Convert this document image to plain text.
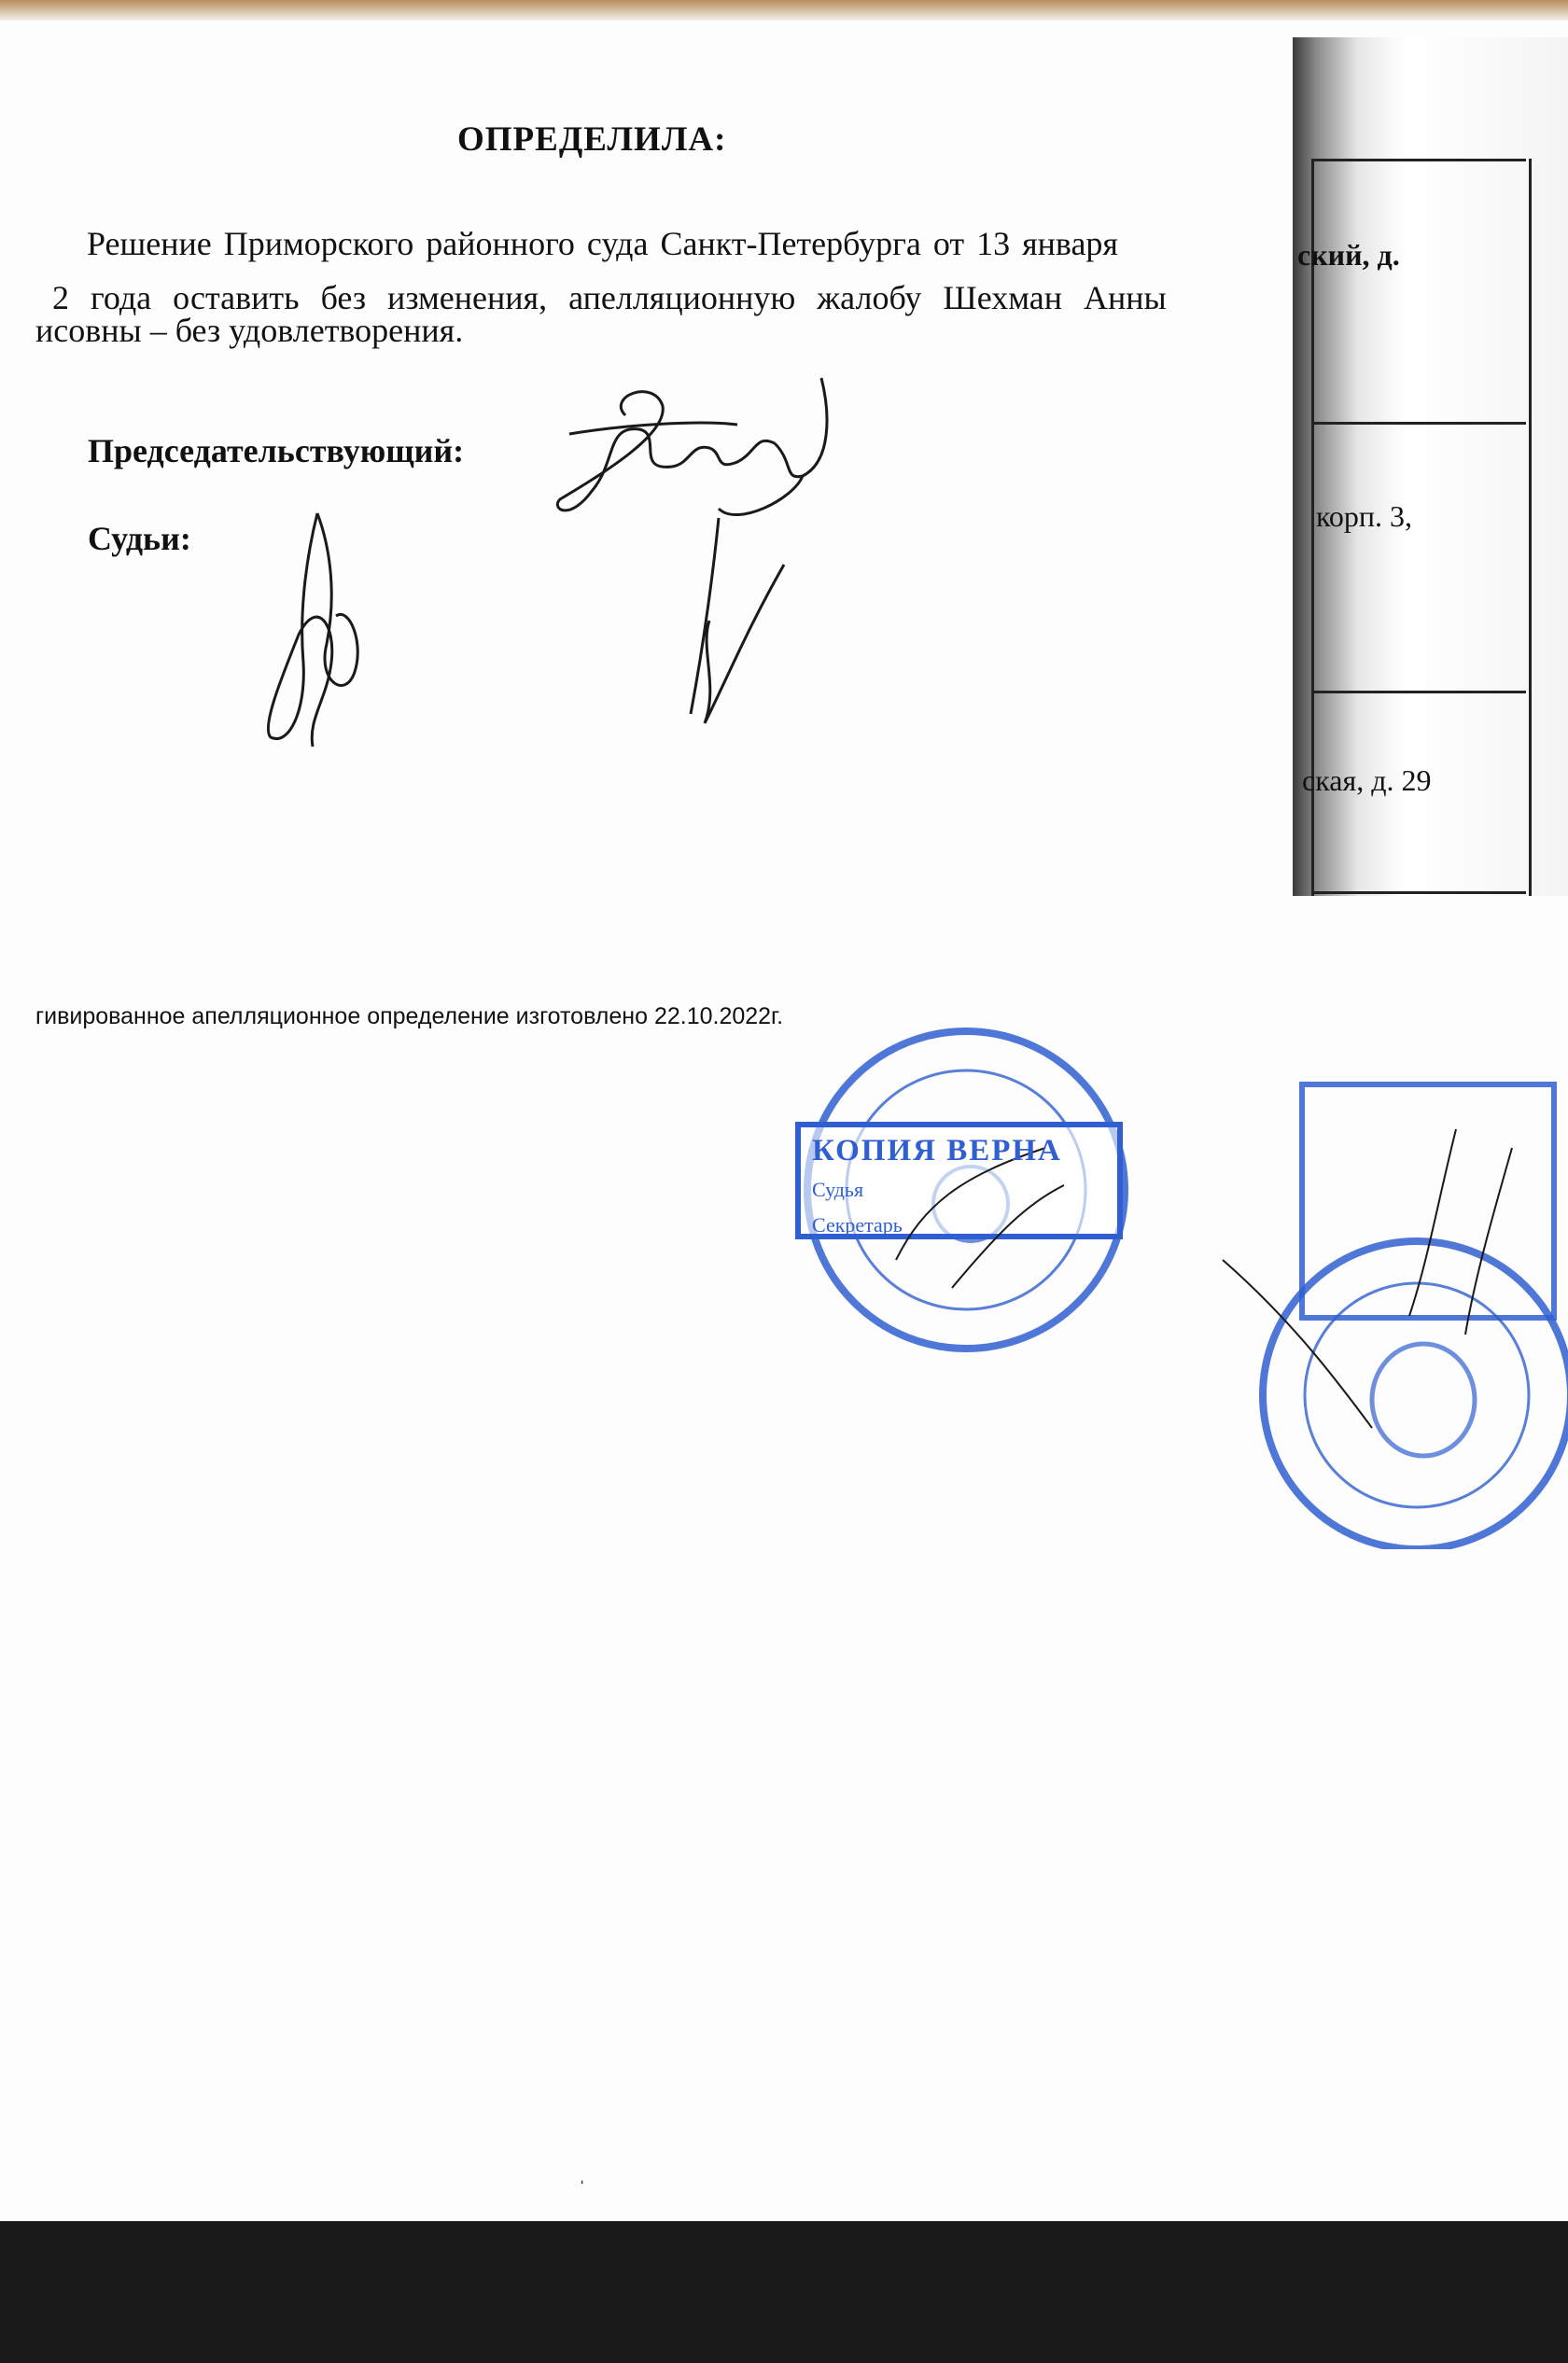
ский, д.
корп. 3,
ская, д. 29
ОПРЕДЕЛИЛА:
Решение Приморского районного суда Санкт-Петербурга от 13 января
2 года оставить без изменения, апелляционную жалобу Шехман Анны
исовны – без удовлетворения.
Председательствующий:
Судьи:
гивированное апелляционное определение изготовлено 22.10.2022г.
КОПИЯ ВЕРНА
Судья
Секретарь
ˈ
